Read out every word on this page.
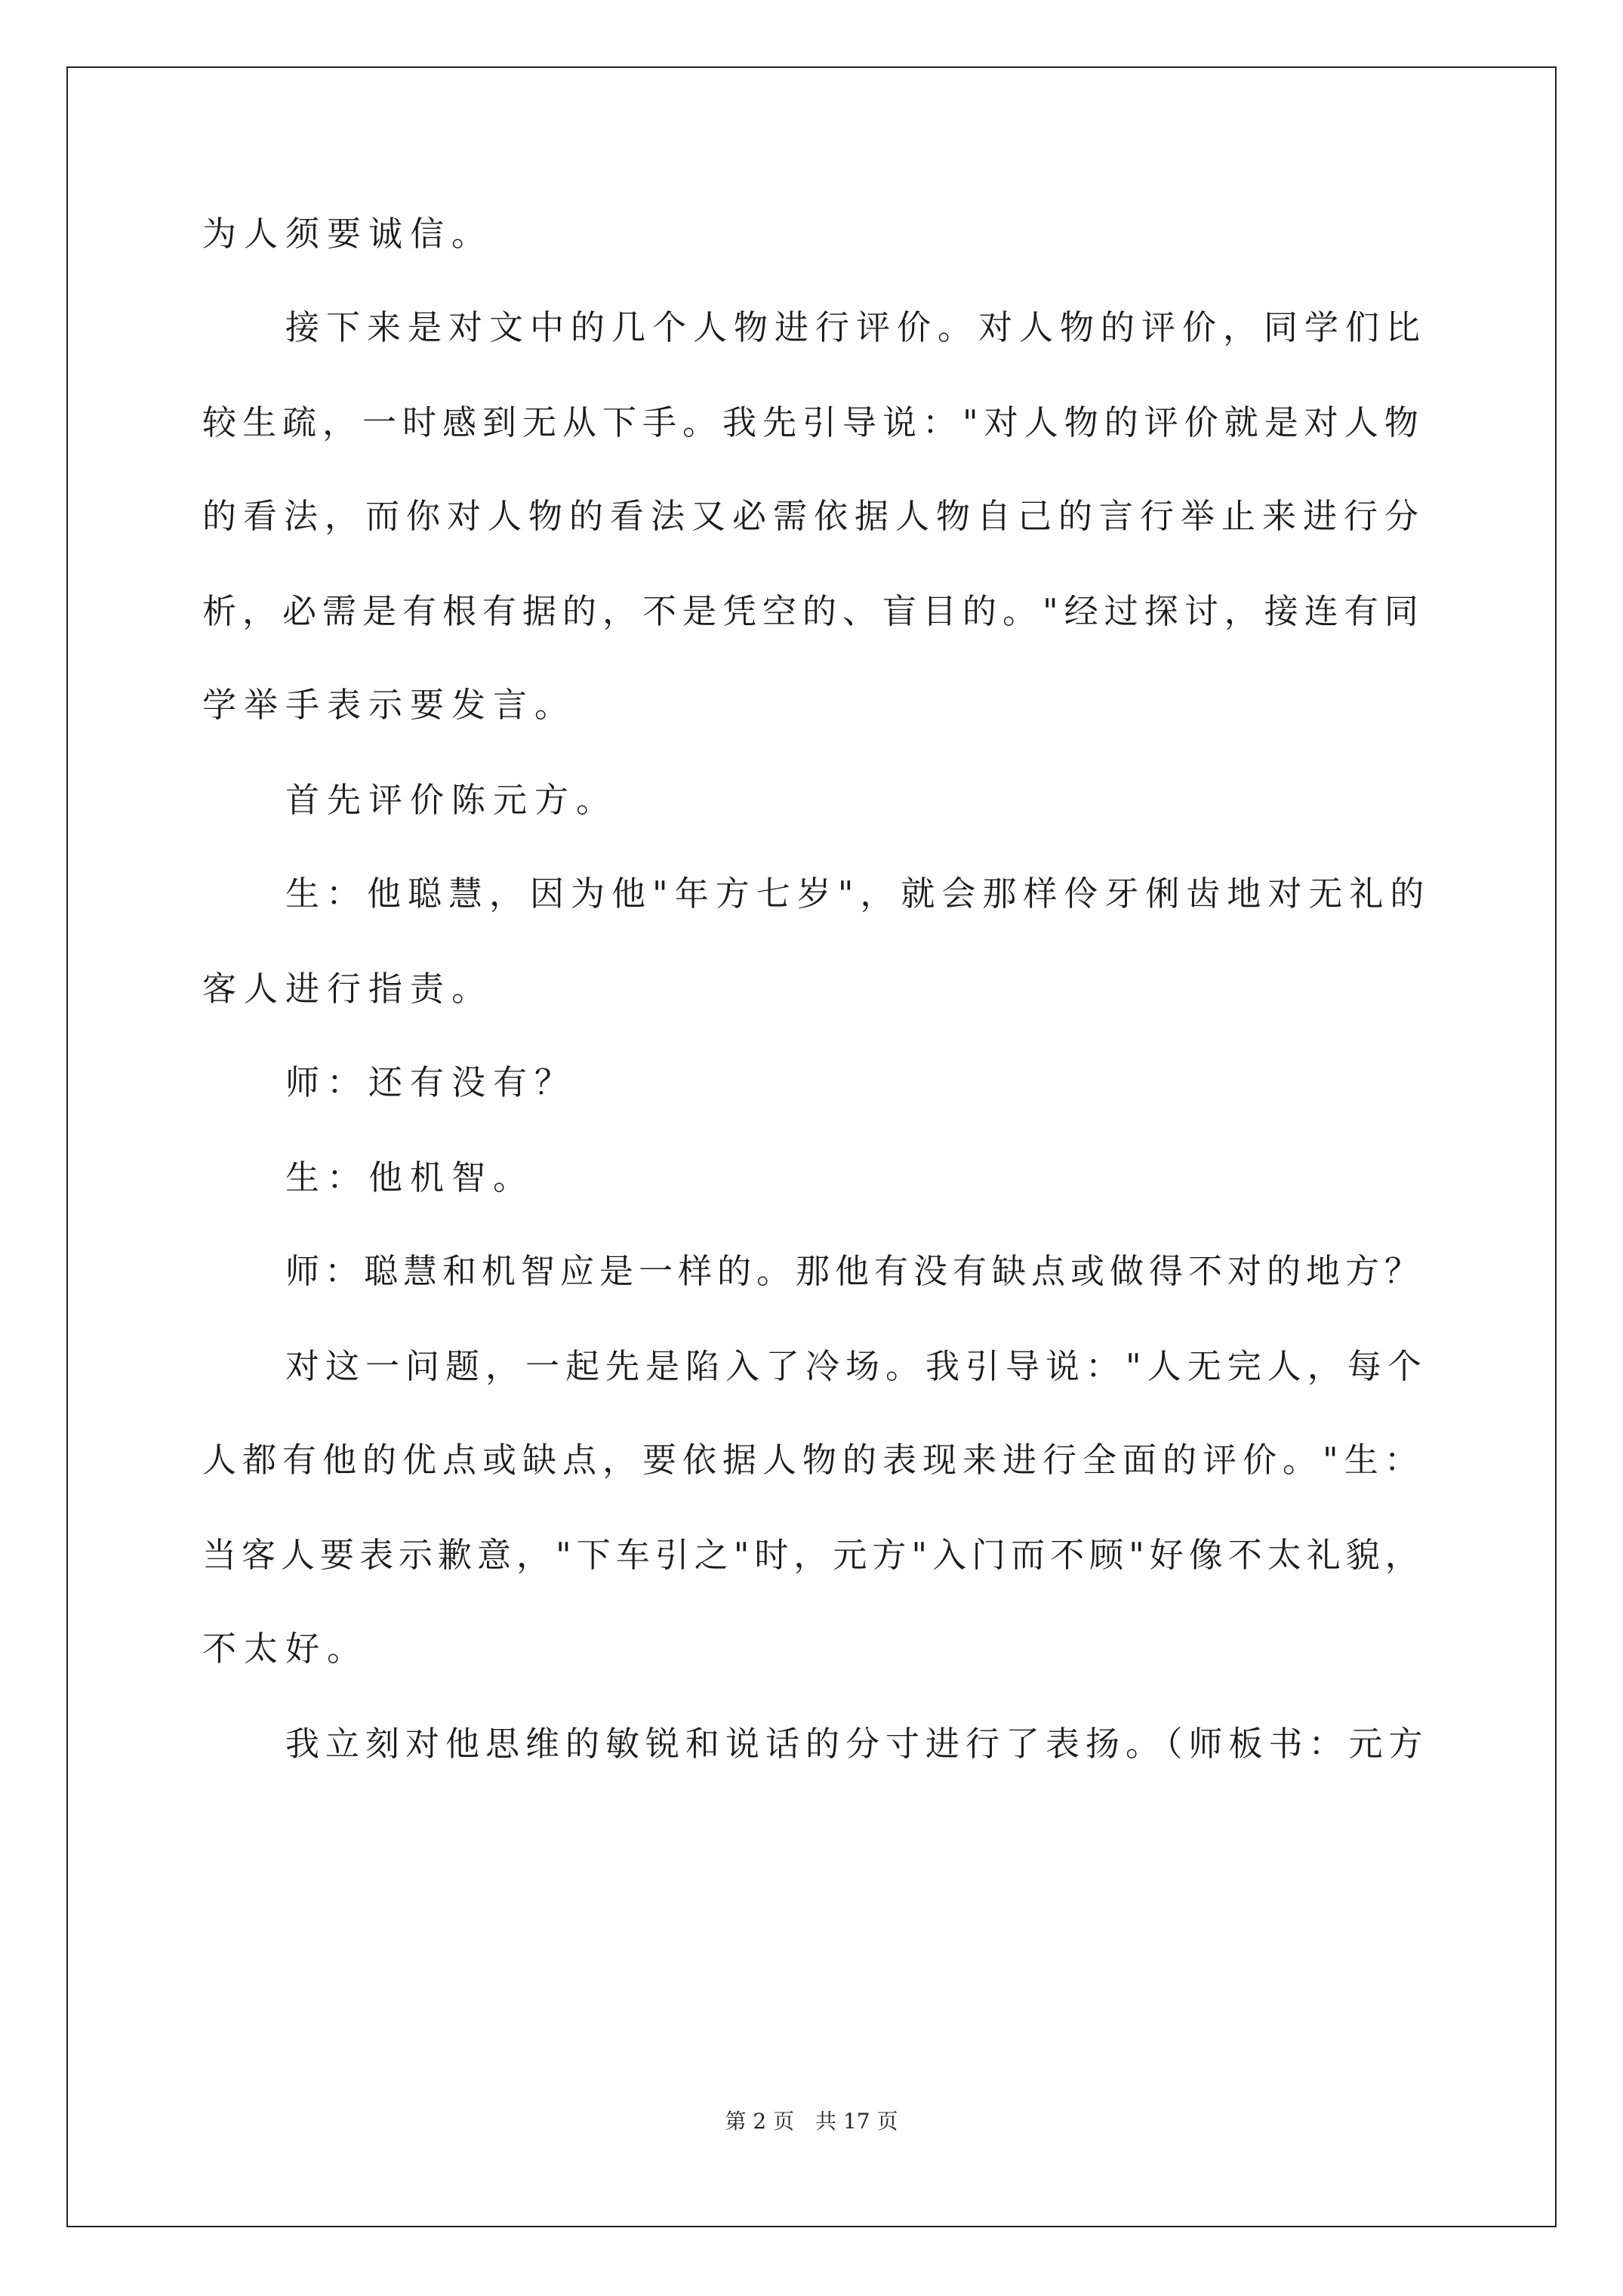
为人须要诚信。
接下来是对文中的几个人物进行评价。对人物的评价，同学们比
较生疏，一时感到无从下手。我先引导说："对人物的评价就是对人物
的看法，而你对人物的看法又必需依据人物自己的言行举止来进行分
析，必需是有根有据的，不是凭空的、盲目的。"经过探讨，接连有同
学举手表示要发言。
首先评价陈元方。
生：他聪慧，因为他"年方七岁"，就会那样伶牙俐齿地对无礼的
客人进行指责。
师：还有没有？
生：他机智。
师：聪慧和机智应是一样的。那他有没有缺点或做得不对的地方？
对这一问题，一起先是陷入了冷场。我引导说："人无完人，每个
人都有他的优点或缺点，要依据人物的表现来进行全面的评价。"生：
当客人要表示歉意，"下车引之"时，元方"入门而不顾"好像不太礼貌，
不太好。
我立刻对他思维的敏锐和说话的分寸进行了表扬。（师板书：元方
第 2 页　共 17 页
